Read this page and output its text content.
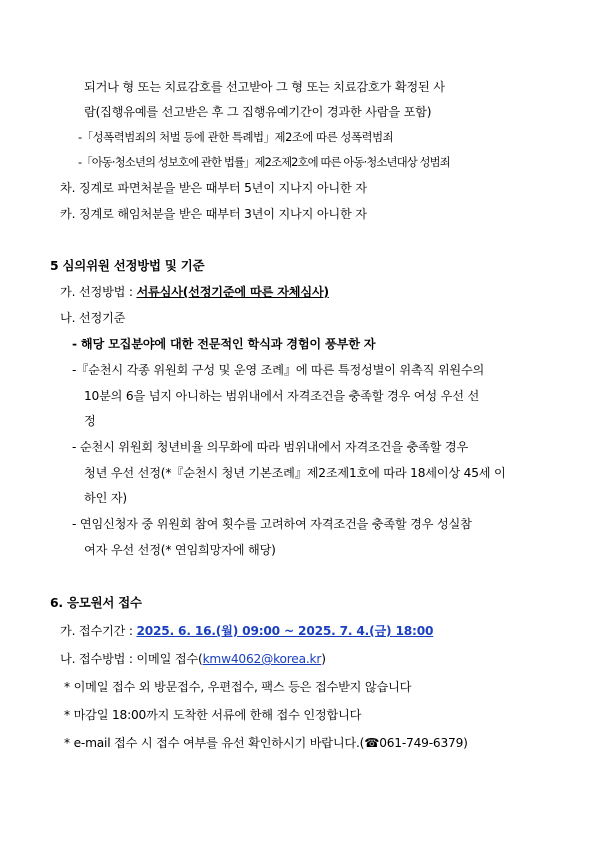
되거나 형 또는 치료감호를 선고받아 그 형 또는 치료감호가 확정된 사
람(집행유예를 선고받은 후 그 집행유예기간이 경과한 사람을 포함)
-「성폭력범죄의 처벌 등에 관한 특례법」제2조에 따른 성폭력범죄
-「아동·청소년의 성보호에 관한 법률」제2조제2호에 따른 아동·청소년대상 성범죄
차. 징계로 파면처분을 받은 때부터 5년이 지나지 아니한 자
카. 징계로 해임처분을 받은 때부터 3년이 지나지 아니한 자
5 심의위원 선정방법 및 기준
가. 선정방법 : 서류심사(선정기준에 따른 자체심사)
나. 선정기준
- 해당 모집분야에 대한 전문적인 학식과 경험이 풍부한 자
-『순천시 각종 위원회 구성 및 운영 조례』에 따른 특정성별이 위촉직 위원수의
10분의 6을 넘지 아니하는 범위내에서 자격조건을 충족할 경우 여성 우선 선
정
- 순천시 위원회 청년비율 의무화에 따라 범위내에서 자격조건을 충족할 경우
청년 우선 선정(*『순천시 청년 기본조례』제2조제1호에 따라 18세이상 45세 이
하인 자)
- 연임신청자 중 위원회 참여 횟수를 고려하여 자격조건을 충족할 경우 성실참
여자 우선 선정(* 연임희망자에 해당)
6. 응모원서 접수
가. 접수기간 : 2025. 6. 16.(월) 09:00 ~ 2025. 7. 4.(금) 18:00
나. 접수방법 : 이메일 접수(kmw4062@korea.kr)
* 이메일 접수 외 방문접수, 우편접수, 팩스 등은 접수받지 않습니다
* 마감일 18:00까지 도착한 서류에 한해 접수 인정합니다
* e-mail 접수 시 접수 여부를 유선 확인하시기 바랍니다.(☎061-749-6379)
